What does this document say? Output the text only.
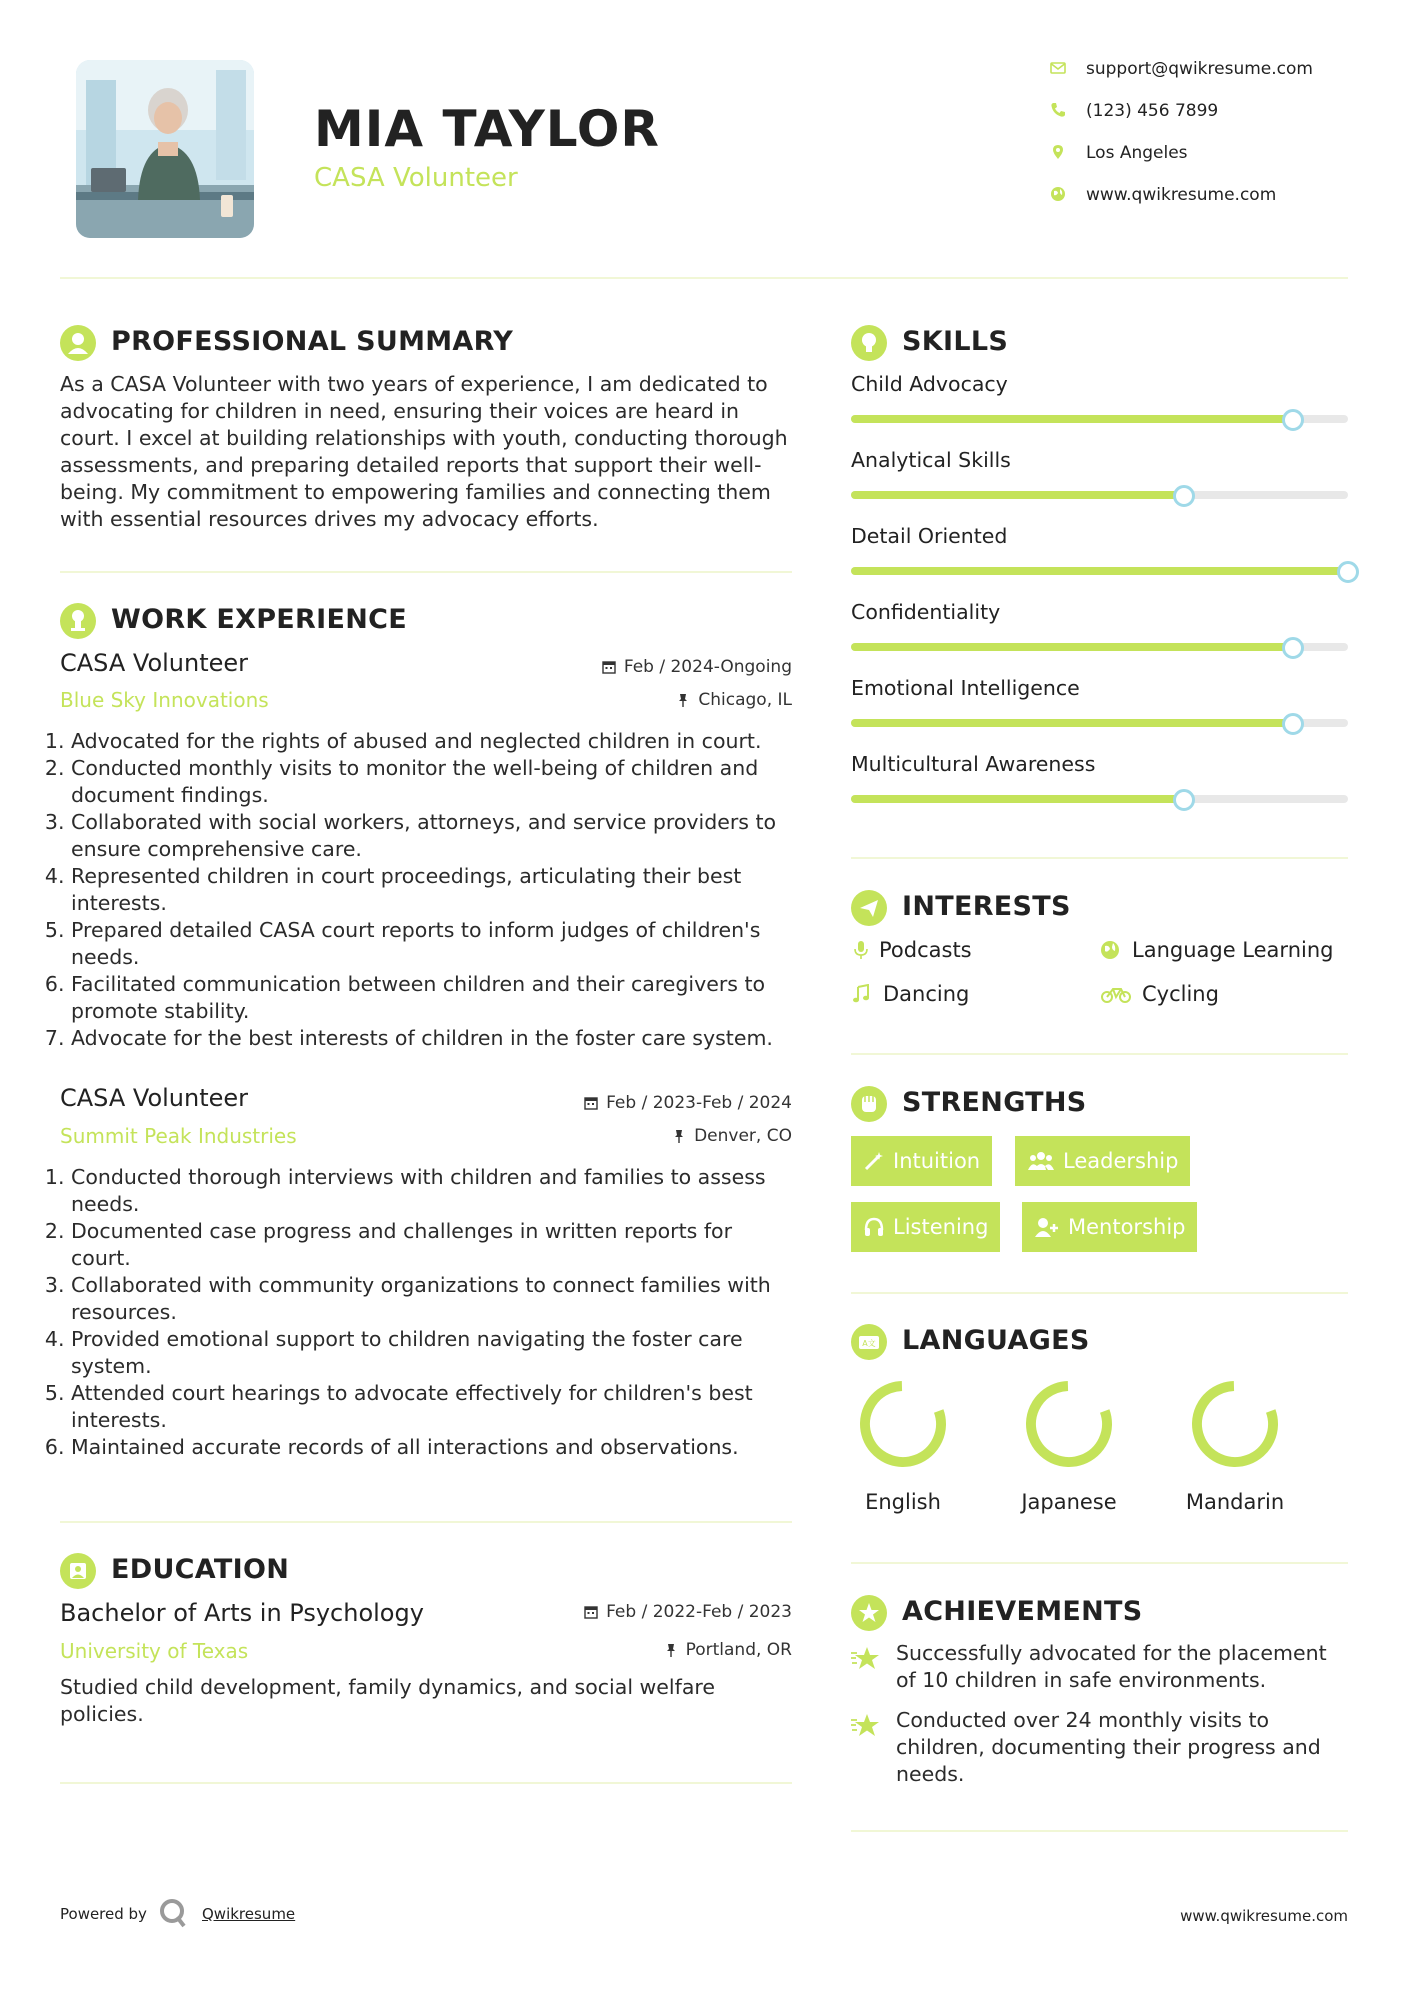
MIA TAYLOR
CASA Volunteer
support@qwikresume.com
(123) 456 7899
Los Angeles
www.qwikresume.com
PROFESSIONAL SUMMARY
As a CASA Volunteer with two years of experience, I am dedicated to advocating for children in need, ensuring their voices are heard in court. I excel at building relationships with youth, conducting thorough assessments, and preparing detailed reports that support their well-being. My commitment to empowering families and connecting them with essential resources drives my advocacy efforts.
WORK EXPERIENCE
CASA Volunteer	Feb / 2024-Ongoing
Blue Sky Innovations	Chicago, IL
1. Advocated for the rights of abused and neglected children in court.
2. Conducted monthly visits to monitor the well-being of children and document findings.
3. Collaborated with social workers, attorneys, and service providers to ensure comprehensive care.
4. Represented children in court proceedings, articulating their best interests.
5. Prepared detailed CASA court reports to inform judges of children's needs.
6. Facilitated communication between children and their caregivers to promote stability.
7. Advocate for the best interests of children in the foster care system.
CASA Volunteer	Feb / 2023-Feb / 2024
Summit Peak Industries	Denver, CO
1. Conducted thorough interviews with children and families to assess needs.
2. Documented case progress and challenges in written reports for court.
3. Collaborated with community organizations to connect families with resources.
4. Provided emotional support to children navigating the foster care system.
5. Attended court hearings to advocate effectively for children's best interests.
6. Maintained accurate records of all interactions and observations.
EDUCATION
Bachelor of Arts in Psychology	Feb / 2022-Feb / 2023
University of Texas	Portland, OR
Studied child development, family dynamics, and social welfare policies.
SKILLS
Child Advocacy
Analytical Skills
Detail Oriented
Confidentiality
Emotional Intelligence
Multicultural Awareness
INTERESTS
Podcasts	Language Learning
Dancing	Cycling
STRENGTHS
Intuition	Leadership
Listening	Mentorship
A文 LANGUAGES
English	Japanese	Mandarin
ACHIEVEMENTS
Successfully advocated for the placement of 10 children in safe environments.
Conducted over 24 monthly visits to children, documenting their progress and needs.
Powered by	Qwikresume	www.qwikresume.com
